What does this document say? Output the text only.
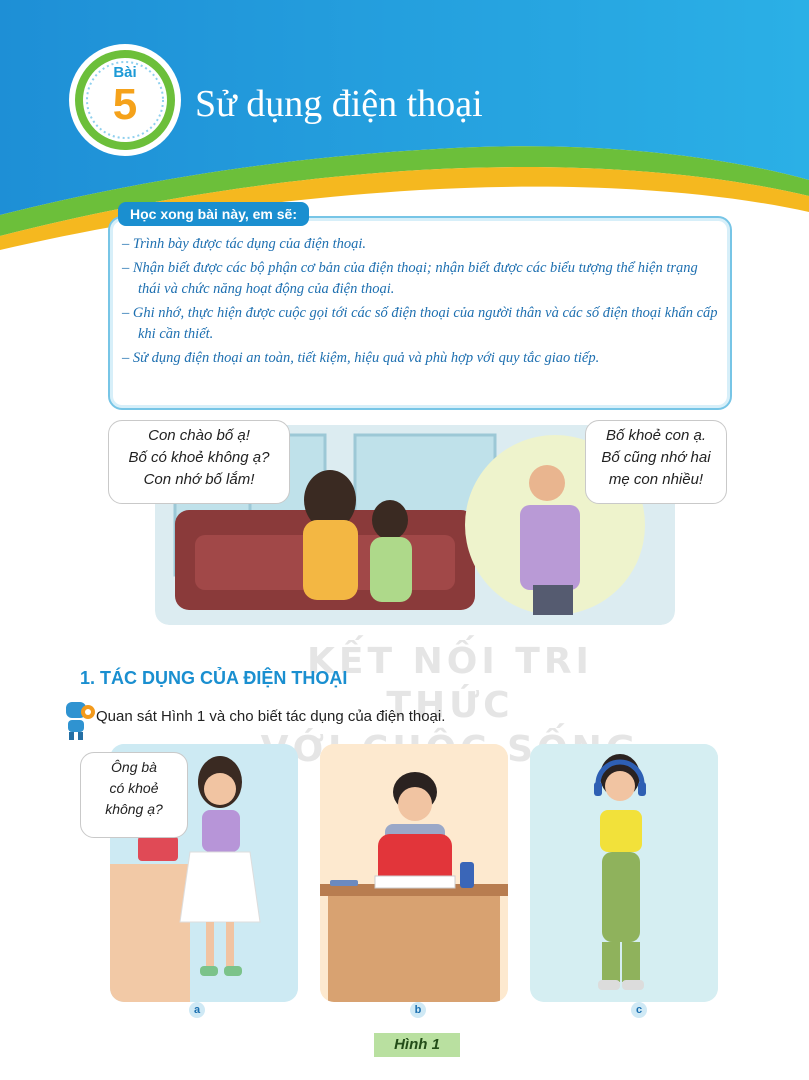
Bài
5	Sử dụng điện thoại
Học xong bài này, em sẽ:
– Trình bày được tác dụng của điện thoại.
– Nhận biết được các bộ phận cơ bản của điện thoại; nhận biết được các biểu tượng thể hiện trạng thái và chức năng hoạt động của điện thoại.
– Ghi nhớ, thực hiện được cuộc gọi tới các số điện thoại của người thân và các số điện thoại khẩn cấp khi cần thiết.
– Sử dụng điện thoại an toàn, tiết kiệm, hiệu quả và phù hợp với quy tắc giao tiếp.
Con chào bố ạ!
Bố có khoẻ không ạ?
Con nhớ bố lắm!
Bố khoẻ con ạ.
Bố cũng nhớ hai
mẹ con nhiều!
KẾT NỐI TRI THỨC
VỚI
1. TÁC DỤNG CỦA ĐIỆN THOẠI
Quan sát Hình 1 và cho biết tác dụng của điện thoại.
Ông bà
có khoẻ
không ạ?
a	b	c
Hình 1
